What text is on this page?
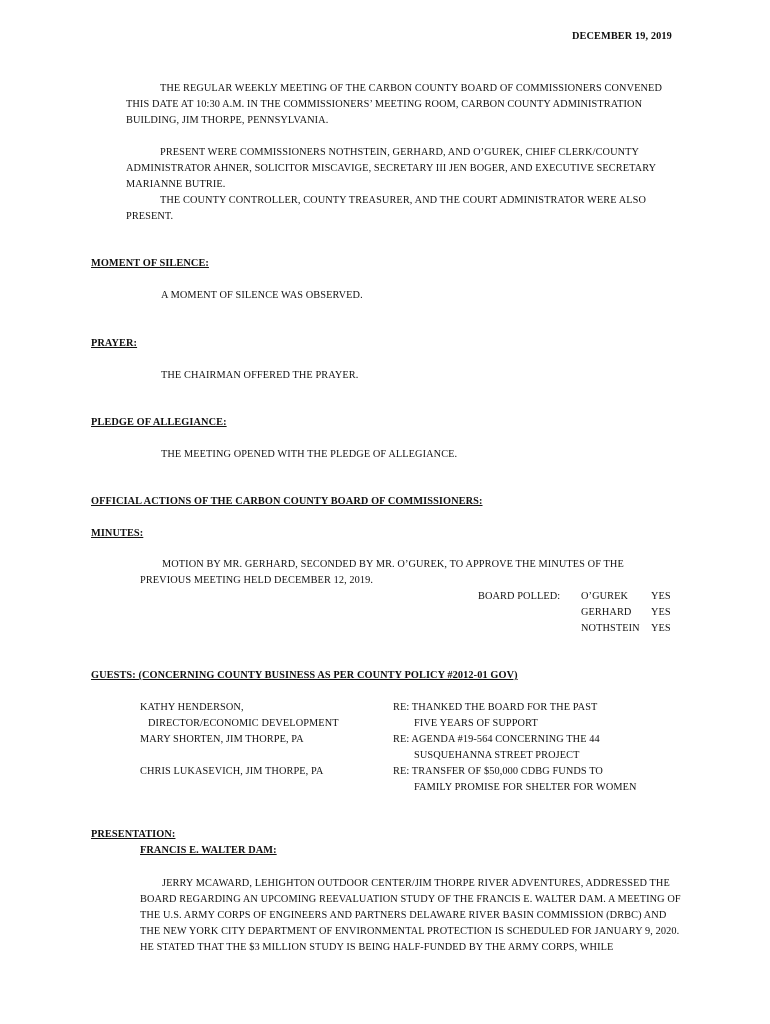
DECEMBER 19, 2019
THE REGULAR WEEKLY MEETING OF THE CARBON COUNTY BOARD OF COMMISSIONERS CONVENED THIS DATE AT 10:30 A.M. IN THE COMMISSIONERS’ MEETING ROOM, CARBON COUNTY ADMINISTRATION BUILDING, JIM THORPE, PENNSYLVANIA.
PRESENT WERE COMMISSIONERS NOTHSTEIN, GERHARD, AND O’GUREK, CHIEF CLERK/COUNTY ADMINISTRATOR AHNER, SOLICITOR MISCAVIGE, SECRETARY III JEN BOGER, AND EXECUTIVE SECRETARY MARIANNE BUTRIE.
THE COUNTY CONTROLLER, COUNTY TREASURER, AND THE COURT ADMINISTRATOR WERE ALSO PRESENT.
MOMENT OF SILENCE:
A MOMENT OF SILENCE WAS OBSERVED.
PRAYER:
THE CHAIRMAN OFFERED THE PRAYER.
PLEDGE OF ALLEGIANCE:
THE MEETING OPENED WITH THE PLEDGE OF ALLEGIANCE.
OFFICIAL ACTIONS OF THE CARBON COUNTY BOARD OF COMMISSIONERS:
MINUTES:
MOTION BY MR. GERHARD, SECONDED BY MR. O’GUREK, TO APPROVE THE MINUTES OF THE PREVIOUS MEETING HELD DECEMBER 12, 2019.
BOARD POLLED: O’GUREK YES
GERHARD YES
NOTHSTEIN YES
GUESTS: (CONCERNING COUNTY BUSINESS AS PER COUNTY POLICY #2012-01 GOV)
KATHY HENDERSON,
DIRECTOR/ECONOMIC DEVELOPMENT
RE: THANKED THE BOARD FOR THE PAST
FIVE YEARS OF SUPPORT
MARY SHORTEN, JIM THORPE, PA	RE: AGENDA #19-564 CONCERNING THE 44
SUSQUEHANNA STREET PROJECT
CHRIS LUKASEVICH, JIM THORPE, PA	RE: TRANSFER OF $50,000 CDBG FUNDS TO
FAMILY PROMISE FOR SHELTER FOR WOMEN
PRESENTATION:
FRANCIS E. WALTER DAM:
JERRY MCAWARD, LEHIGHTON OUTDOOR CENTER/JIM THORPE RIVER ADVENTURES, ADDRESSED THE BOARD REGARDING AN UPCOMING REEVALUATION STUDY OF THE FRANCIS E. WALTER DAM. A MEETING OF THE U.S. ARMY CORPS OF ENGINEERS AND PARTNERS DELAWARE RIVER BASIN COMMISSION (DRBC) AND THE NEW YORK CITY DEPARTMENT OF ENVIRONMENTAL PROTECTION IS SCHEDULED FOR JANUARY 9, 2020. HE STATED THAT THE $3 MILLION STUDY IS BEING HALF-FUNDED BY THE ARMY CORPS, WHILE
